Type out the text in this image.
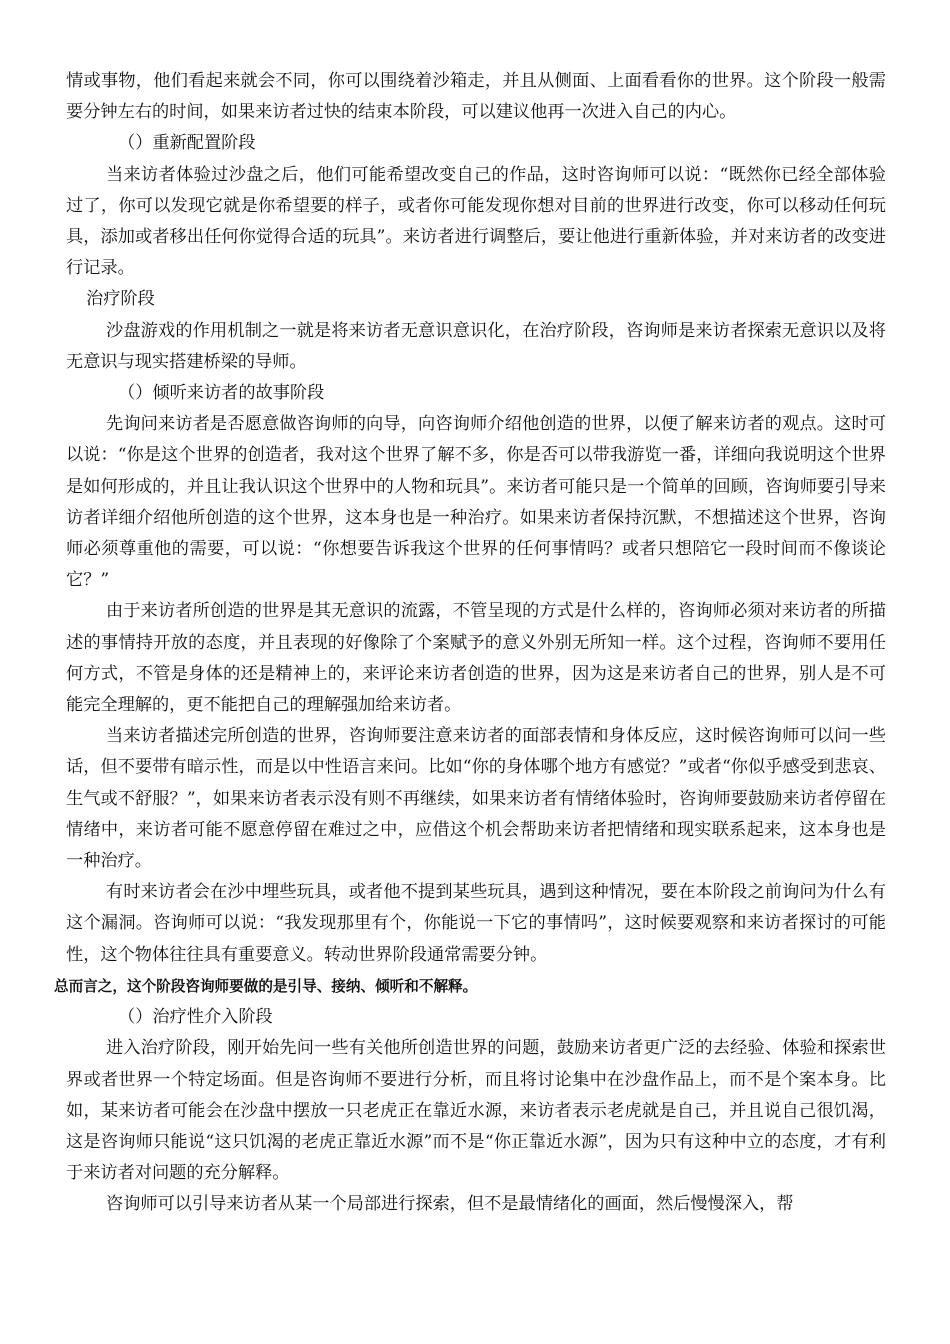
情或事物，他们看起来就会不同，你可以围绕着沙箱走，并且从侧面、上面看看你的世界。这个阶段一般需要分钟左右的时间，如果来访者过快的结束本阶段，可以建议他再一次进入自己的内心。

（）重新配置阶段

当来访者体验过沙盘之后，他们可能希望改变自己的作品，这时咨询师可以说：“既然你已经全部体验过了，你可以发现它就是你希望要的样子，或者你可能发现你想对目前的世界进行改变，你可以移动任何玩具，添加或者移出任何你觉得合适的玩具”。来访者进行调整后，要让他进行重新体验，并对来访者的改变进行记录。

治疗阶段

沙盘游戏的作用机制之一就是将来访者无意识意识化，在治疗阶段，咨询师是来访者探索无意识以及将无意识与现实搭建桥梁的导师。

（）倾听来访者的故事阶段

先询问来访者是否愿意做咨询师的向导，向咨询师介绍他创造的世界，以便了解来访者的观点。这时可以说：“你是这个世界的创造者，我对这个世界了解不多，你是否可以带我游览一番，详细向我说明这个世界是如何形成的，并且让我认识这个世界中的人物和玩具”。来访者可能只是一个简单的回顾，咨询师要引导来访者详细介绍他所创造的这个世界，这本身也是一种治疗。如果来访者保持沉默，不想描述这个世界，咨询师必须尊重他的需要，可以说：“你想要告诉我这个世界的任何事情吗？或者只想陪它一段时间而不像谈论它？”

由于来访者所创造的世界是其无意识的流露，不管呈现的方式是什么样的，咨询师必须对来访者的所描述的事情持开放的态度，并且表现的好像除了个案赋予的意义外别无所知一样。这个过程，咨询师不要用任何方式，不管是身体的还是精神上的，来评论来访者创造的世界，因为这是来访者自己的世界，别人是不可能完全理解的，更不能把自己的理解强加给来访者。

当来访者描述完所创造的世界，咨询师要注意来访者的面部表情和身体反应，这时候咨询师可以问一些话，但不要带有暗示性，而是以中性语言来问。比如“你的身体哪个地方有感觉？”或者“你似乎感受到悲哀、生气或不舒服？”，如果来访者表示没有则不再继续，如果来访者有情绪体验时，咨询师要鼓励来访者停留在情绪中，来访者可能不愿意停留在难过之中，应借这个机会帮助来访者把情绪和现实联系起来，这本身也是一种治疗。

有时来访者会在沙中埋些玩具，或者他不提到某些玩具，遇到这种情况，要在本阶段之前询问为什么有这个漏洞。咨询师可以说：“我发现那里有个，你能说一下它的事情吗”，这时候要观察和来访者探讨的可能性，这个物体往往具有重要意义。转动世界阶段通常需要分钟。

总而言之，这个阶段咨询师要做的是引导、接纳、倾听和不解释。

（）治疗性介入阶段

进入治疗阶段，刚开始先问一些有关他所创造世界的问题，鼓励来访者更广泛的去经验、体验和探索世界或者世界一个特定场面。但是咨询师不要进行分析，而且将讨论集中在沙盘作品上，而不是个案本身。比如，某来访者可能会在沙盘中摆放一只老虎正在靠近水源，来访者表示老虎就是自己，并且说自己很饥渴，这是咨询师只能说“这只饥渴的老虎正靠近水源”而不是“你正靠近水源”，因为只有这种中立的态度，才有利于来访者对问题的充分解释。

咨询师可以引导来访者从某一个局部进行探索，但不是最情绪化的画面，然后慢慢深入，帮
